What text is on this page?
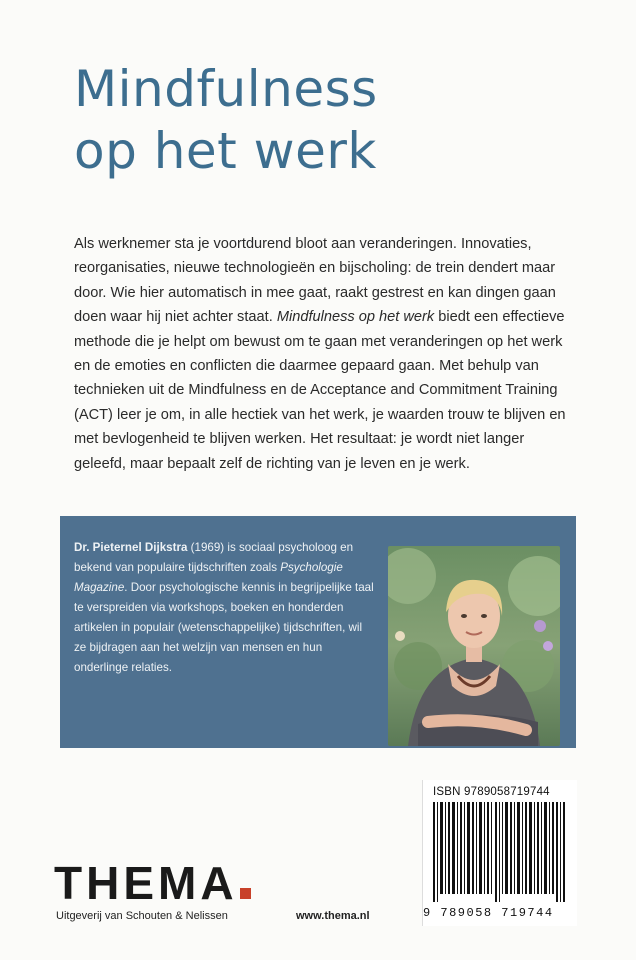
Mindfulness
op het werk

Als werknemer sta je voortdurend bloot aan veranderingen. Innovaties, reorganisaties, nieuwe technologieën en bijscholing: de trein dendert maar door. Wie hier automatisch in mee gaat, raakt gestrest en kan dingen gaan doen waar hij niet achter staat. Mindfulness op het werk biedt een effectieve methode die je helpt om bewust om te gaan met veranderingen op het werk en de emoties en conflicten die daarmee gepaard gaan. Met behulp van technieken uit de Mindfulness en de Acceptance and Commitment Training (ACT) leer je om, in alle hectiek van het werk, je waarden trouw te blijven en met bevlogenheid te blijven werken. Het resultaat: je wordt niet langer geleefd, maar bepaalt zelf de richting van je leven en je werk.

Dr. Pieternel Dijkstra (1969) is sociaal psycholoog en bekend van populaire tijdschriften zoals Psychologie Magazine. Door psychologische kennis in begrijpelijke taal te verspreiden via workshops, boeken en honderden artikelen in populair (wetenschappelijke) tijdschriften, wil ze bijdragen aan het welzijn van mensen en hun onderlinge relaties.

ISBN 9789058719744
9 789058 719744
THEMA
Uitgeverij van Schouten & Nelissen	www.thema.nl
